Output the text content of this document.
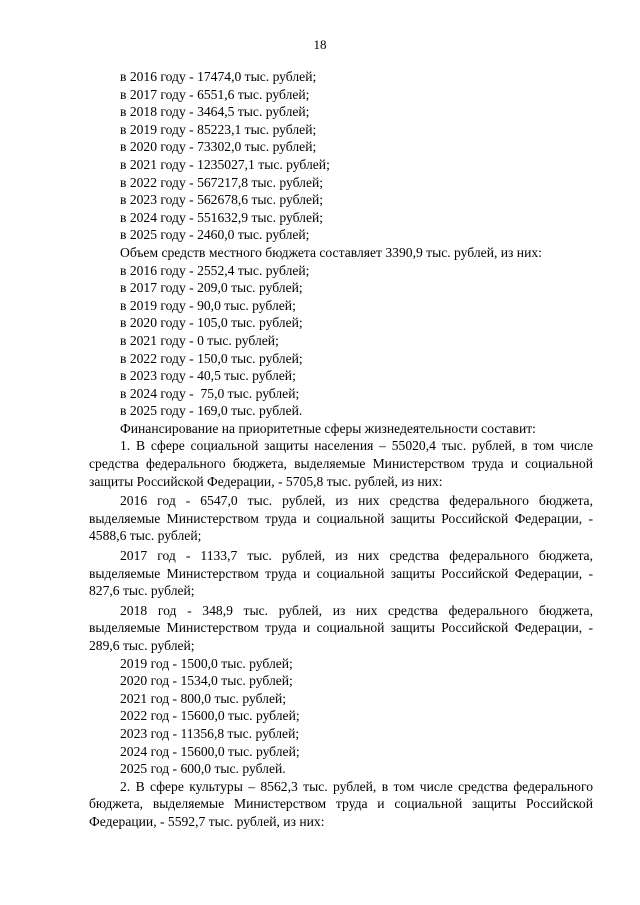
18
в 2016 году - 17474,0 тыс. рублей;
в 2017 году - 6551,6 тыс. рублей;
в 2018 году - 3464,5 тыс. рублей;
в 2019 году - 85223,1 тыс. рублей;
в 2020 году - 73302,0 тыс. рублей;
в 2021 году - 1235027,1 тыс. рублей;
в 2022 году - 567217,8 тыс. рублей;
в 2023 году - 562678,6 тыс. рублей;
в 2024 году - 551632,9 тыс. рублей;
в 2025 году - 2460,0 тыс. рублей;
Объем средств местного бюджета составляет 3390,9 тыс. рублей, из них:
в 2016 году - 2552,4 тыс. рублей;
в 2017 году - 209,0 тыс. рублей;
в 2019 году - 90,0 тыс. рублей;
в 2020 году - 105,0 тыс. рублей;
в 2021 году - 0 тыс. рублей;
в 2022 году - 150,0 тыс. рублей;
в 2023 году - 40,5 тыс. рублей;
в 2024 году -  75,0 тыс. рублей;
в 2025 году - 169,0 тыс. рублей.
Финансирование на приоритетные сферы жизнедеятельности составит:

1. В сфере социальной защиты населения – 55020,4 тыс. рублей, в том числе средства федерального бюджета, выделяемые Министерством труда и социальной защиты Российской Федерации, - 5705,8 тыс. рублей, из них:

2016 год - 6547,0 тыс. рублей, из них средства федерального бюджета, выделяемые Министерством труда и социальной защиты Российской Федерации, - 4588,6 тыс. рублей;

2017 год - 1133,7 тыс. рублей, из них средства федерального бюджета, выделяемые Министерством труда и социальной защиты Российской Федерации, - 827,6 тыс. рублей;

2018 год - 348,9 тыс. рублей, из них средства федерального бюджета, выделяемые Министерством труда и социальной защиты Российской Федерации, - 289,6 тыс. рублей;

2019 год - 1500,0 тыс. рублей;
2020 год - 1534,0 тыс. рублей;
2021 год - 800,0 тыс. рублей;
2022 год - 15600,0 тыс. рублей;
2023 год - 11356,8 тыс. рублей;
2024 год - 15600,0 тыс. рублей;
2025 год - 600,0 тыс. рублей.

2. В сфере культуры – 8562,3 тыс. рублей, в том числе средства федерального бюджета, выделяемые Министерством труда и социальной защиты Российской Федерации, - 5592,7 тыс. рублей, из них:
